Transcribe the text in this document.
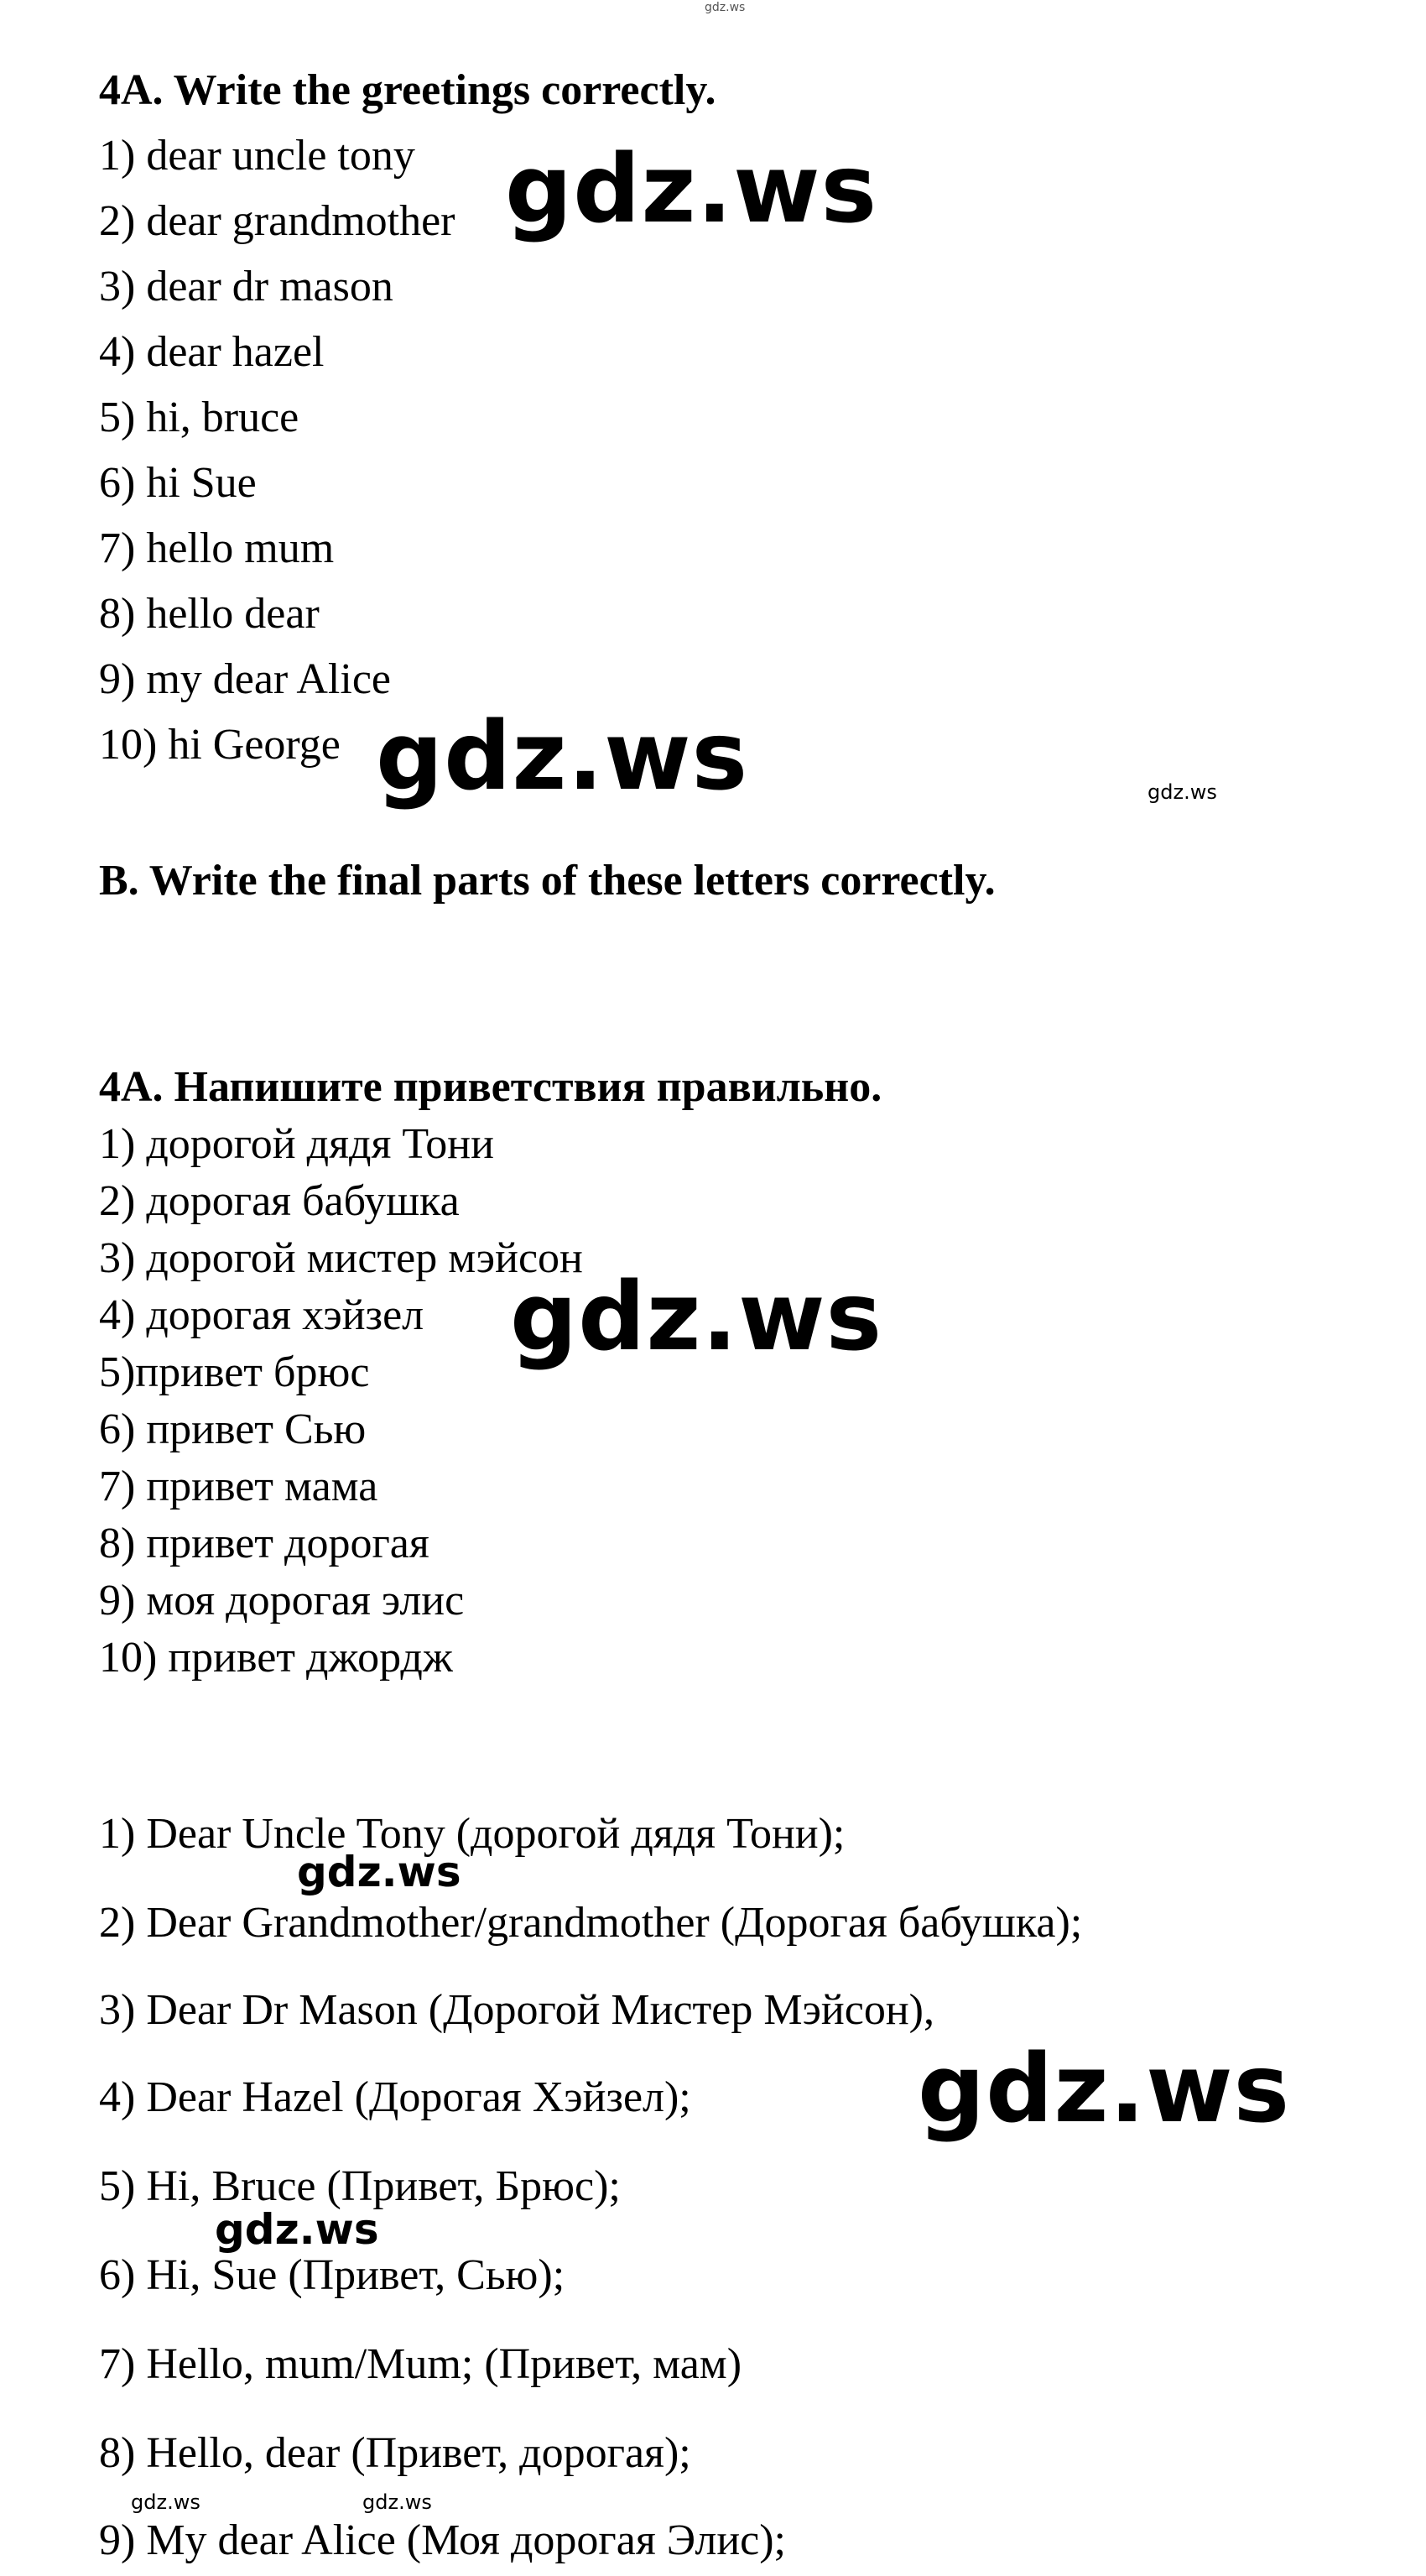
gdz.ws
4A. Write the greetings correctly.
1) dear uncle tony
2) dear grandmother
3) dear dr mason
4) dear hazel
5) hi, bruce
6) hi Sue
7) hello mum
8) hello dear
9) my dear Alice
10) hi George
B. Write the final parts of these letters correctly.
4А. Напишите приветствия правильно.
1) дорогой дядя Тони
2) дорогая бабушка
3) дорогой мистер мэйсон
4) дорогая хэйзел
5)привет брюс
6) привет Сью
7) привет мама
8) привет дорогая
9) моя дорогая элис
10) привет джордж
1) Dear Uncle Tony (дорогой дядя Тони);
2) Dear Grandmother/grandmother (Дорогая бабушка);
3) Dear Dr Mason (Дорогой Мистер Мэйсон),
4) Dear Hazel (Дорогая Хэйзел);
5) Hi, Bruce (Привет, Брюс);
6) Hi, Sue (Привет, Сью);
7) Hello, mum/Mum; (Привет, мам)
8) Hello, dear (Привет, дорогая);
9) My dear Alice (Моя дорогая Элис);
gdz.ws
gdz.ws	gdz.ws
gdz.ws
gdz.ws
gdz.ws
gdz.ws
gdz.ws	gdz.ws
